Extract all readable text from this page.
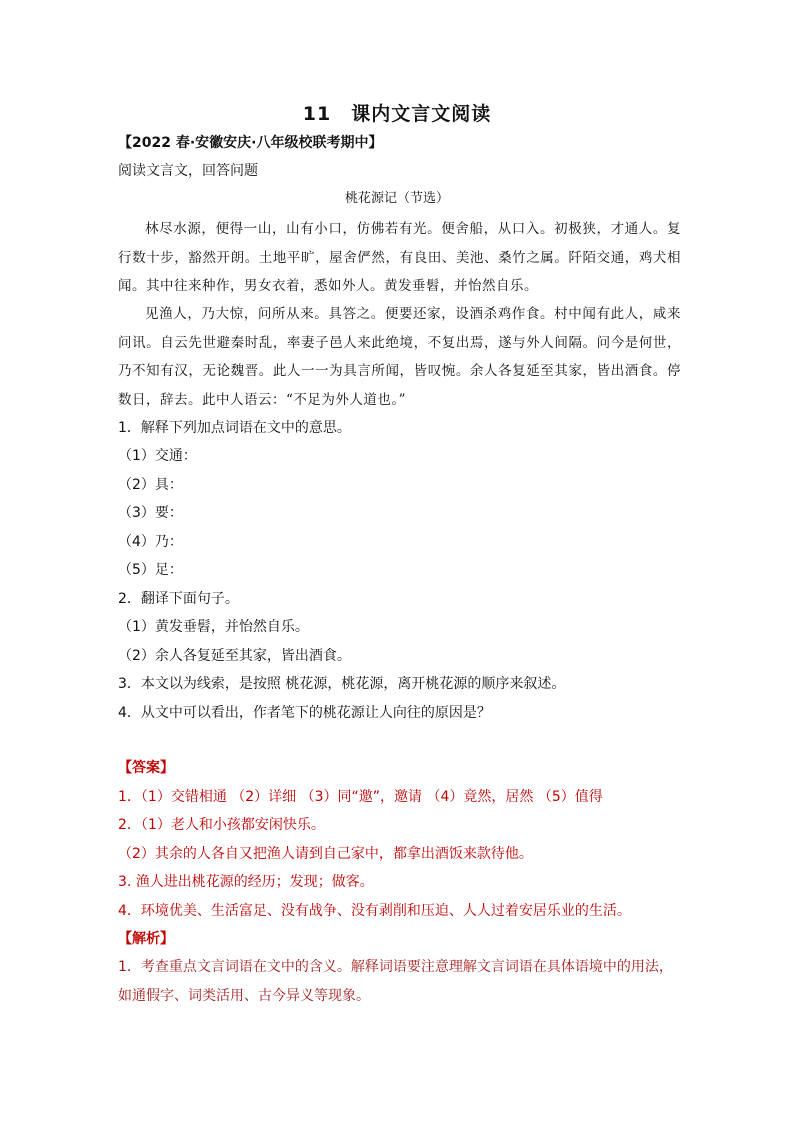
11　课内文言文阅读
【2022 春·安徽安庆·八年级校联考期中】
阅读文言文，回答问题
桃花源记（节选）

林尽水源，便得一山，山有小口，仿佛若有光。便舍船，从口入。初极狭，才通人。复行数十步，豁然开朗。土地平旷，屋舍俨然，有良田、美池、桑竹之属。阡陌交通，鸡犬相闻。其中往来种作，男女衣着，悉如外人。黄发垂髫，并怡然自乐。

见渔人，乃大惊，问所从来。具答之。便要还家，设酒杀鸡作食。村中闻有此人，咸来问讯。自云先世避秦时乱，率妻子邑人来此绝境，不复出焉，遂与外人间隔。问今是何世，乃不知有汉，无论魏晋。此人一一为具言所闻，皆叹惋。余人各复延至其家，皆出酒食。停数日，辞去。此中人语云：“不足为外人道也。”

1．解释下列加点词语在文中的意思。
（1）交通：
（2）具：
（3）要：
（4）乃：
（5）足：
2．翻译下面句子。
（1）黄发垂髫，并怡然自乐。
（2）余人各复延至其家，皆出酒食。
3．本文以为线索，是按照 桃花源，桃花源，离开桃花源的顺序来叙述。
4．从文中可以看出，作者笔下的桃花源让人向往的原因是？
【答案】
1．（1）交错相通 （2）详细 （3）同“邀”，邀请 （4）竟然，居然 （5）值得
2．（1）老人和小孩都安闲快乐。
（2）其余的人各自又把渔人请到自己家中，都拿出酒饭来款待他。
3. 渔人进出桃花源的经历；发现；做客。
4．环境优美、生活富足、没有战争、没有剥削和压迫、人人过着安居乐业的生活。
【解析】
1．考查重点文言词语在文中的含义。解释词语要注意理解文言词语在具体语境中的用法，如通假字、词类活用、古今异义等现象。
